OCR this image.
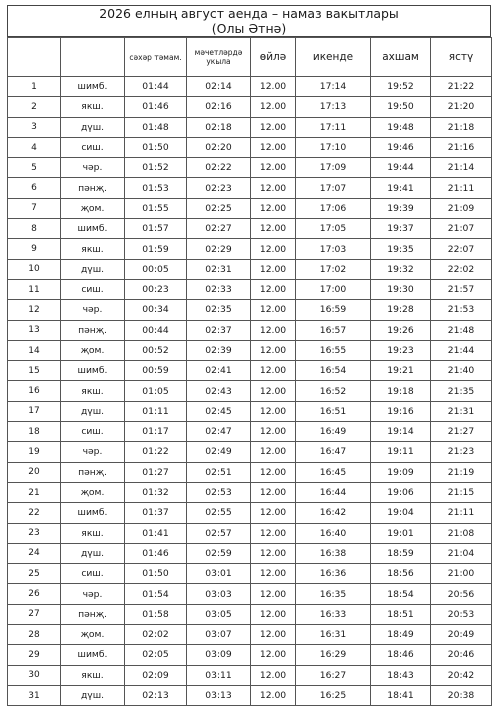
2026 елның август аенда – намаз вакытлары
(Олы Әтнә)

		сәхәр тәмам.	мәчетләрдә укыла	өйлә	икенде	ахшам	ястү
1	шимб.	01:44	02:14	12.00	17:14	19:52	21:22
2	якш.	01:46	02:16	12.00	17:13	19:50	21:20
3	дүш.	01:48	02:18	12.00	17:11	19:48	21:18
4	сиш.	01:50	02:20	12.00	17:10	19:46	21:16
5	чәр.	01:52	02:22	12.00	17:09	19:44	21:14
6	пәнҗ.	01:53	02:23	12.00	17:07	19:41	21:11
7	җом.	01:55	02:25	12.00	17:06	19:39	21:09
8	шимб.	01:57	02:27	12.00	17:05	19:37	21:07
9	якш.	01:59	02:29	12.00	17:03	19:35	22:07
10	дүш.	00:05	02:31	12.00	17:02	19:32	22:02
11	сиш.	00:23	02:33	12.00	17:00	19:30	21:57
12	чәр.	00:34	02:35	12.00	16:59	19:28	21:53
13	пәнҗ.	00:44	02:37	12.00	16:57	19:26	21:48
14	җом.	00:52	02:39	12.00	16:55	19:23	21:44
15	шимб.	00:59	02:41	12.00	16:54	19:21	21:40
16	якш.	01:05	02:43	12.00	16:52	19:18	21:35
17	дүш.	01:11	02:45	12.00	16:51	19:16	21:31
18	сиш.	01:17	02:47	12.00	16:49	19:14	21:27
19	чәр.	01:22	02:49	12.00	16:47	19:11	21:23
20	пәнҗ.	01:27	02:51	12.00	16:45	19:09	21:19
21	җом.	01:32	02:53	12.00	16:44	19:06	21:15
22	шимб.	01:37	02:55	12.00	16:42	19:04	21:11
23	якш.	01:41	02:57	12.00	16:40	19:01	21:08
24	дүш.	01:46	02:59	12.00	16:38	18:59	21:04
25	сиш.	01:50	03:01	12.00	16:36	18:56	21:00
26	чәр.	01:54	03:03	12.00	16:35	18:54	20:56
27	пәнҗ.	01:58	03:05	12.00	16:33	18:51	20:53
28	җом.	02:02	03:07	12.00	16:31	18:49	20:49
29	шимб.	02:05	03:09	12.00	16:29	18:46	20:46
30	якш.	02:09	03:11	12.00	16:27	18:43	20:42
31	дүш.	02:13	03:13	12.00	16:25	18:41	20:38
